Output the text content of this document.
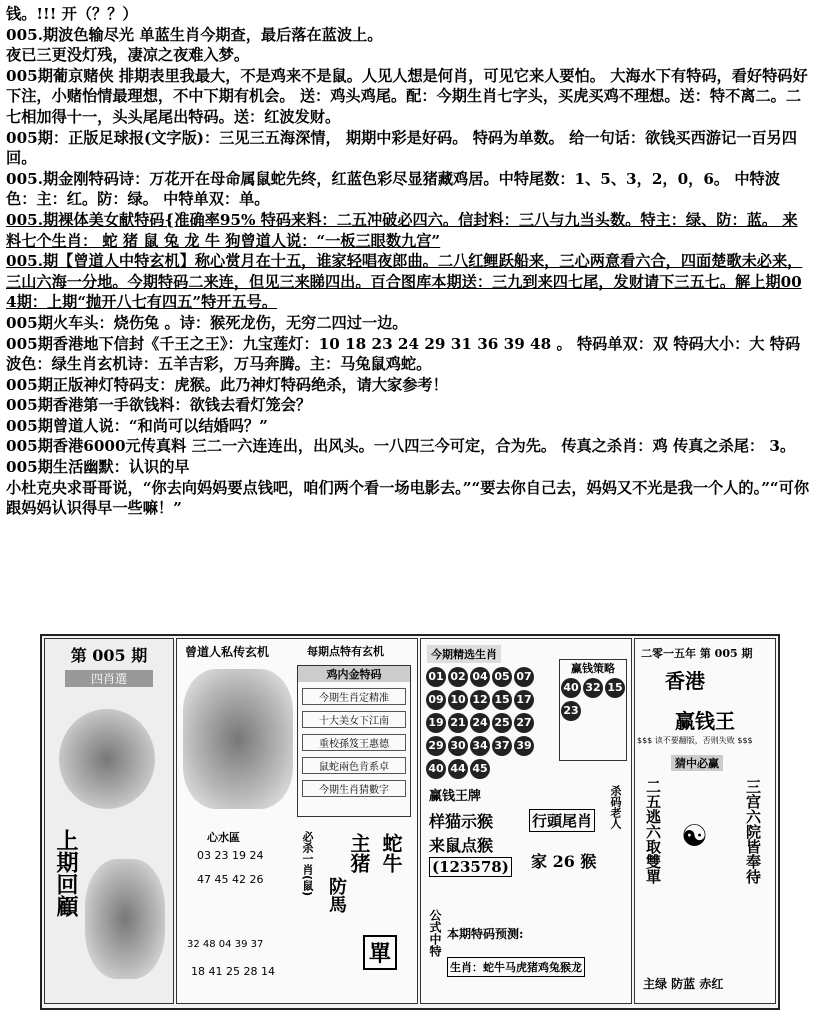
钱。!!! 开（？？）

005.期波色输尽光 单蓝生肖今期查，最后落在蓝波上。

夜已三更没灯残，凄凉之夜难入梦。

005期葡京赌侠 排期表里我最大，不是鸡来不是鼠。人见人想是何肖，可见它来人要怕。 大海水下有特码，看好特码好下注，小赌怡情最理想，不中下期有机会。 送：鸡头鸡尾。配：今期生肖七字头，买虎买鸡不理想。送：特不离二。二七相加得十一，头头尾尾出特码。送：红波发财。

005期：正版足球报(文字版)：三见三五海深情， 期期中彩是好码。 特码为单数。 给一句话：欲钱买西游记一百另四回。

005.期金刚特码诗：万花开在母命属鼠蛇先终，红蓝色彩尽显猪藏鸡居。中特尾数：1、5、3，2，0，6。 中特波色：主：红。防：绿。 中特单双：单。

005.期裸体美女献特码{准确率95% 特码来料：二五冲破必四六。信封料：三八与九当头数。特主：绿、防：蓝。 来料七个生肖： 蛇 猪 鼠 兔 龙 牛 狗曾道人说：“一板三眼数九宫”

005.期【曾道人中特玄机】称心赏月在十五，谁家轻唱夜郎曲。二八红鲤跃船来，三心两意看六合，四面楚歌未必来，三山六海一分地。今期特码二来连，但见三来睇四出。百合图库本期送：三九到来四七尾，发财请下三五七。解上期004期：上期“抛开八七有四五”特开五号。

005期火车头：烧伤兔 。诗：猴死龙伤，无穷二四过一边。

005期香港地下信封《千王之王》：九宝莲灯：10 18 23 24 29 31 36 39 48 。 特码单双：双 特码大小：大 特码波色：绿生肖玄机诗：五羊吉彩，万马奔腾。主：马兔鼠鸡蛇。

005期正版神灯特码支：虎猴。此乃神灯特码绝杀，请大家参考！

005期香港第一手欲钱料：欲钱去看灯笼会？

005期曾道人说：“和尚可以结婚吗？”

005期香港6000元传真料 三二一六连连出，出风头。一八四三今可定，合为先。 传真之杀肖：鸡 传真之杀尾： 3。

005期生活幽默：认识的早

小杜克央求哥哥说，“你去向妈妈要点钱吧，咱们两个看一场电影去。”“要去你自己去，妈妈又不光是我一个人的。”“可你跟妈妈认识得早一些嘛！”

第 005 期
四肖選
上期回顧
曾道人私传玄机	每期点特有玄机
鸡内金特码
今期生肖定精准
十大美女下江南
重校孫笈王惠德
鼠蛇兩色肯系卓
今期生肖猜數字
心水區
03 23 19 24
47 45 42 26
32 48 04 39 37
18 41 25 28 14
必杀一肖(鼠) 主猪
防馬
蛇牛
單
今期精选生肖
01 02 04 05 0709 10 12 15 1719 21 24 25 2729 30 34 37 3940 44 45
赢钱策略
40 32 1523
赢钱王牌
样猫示猴
来鼠点猴
(123578)
行頭尾肖
家 26 猴
杀码老人
公式中特 本期特码预测:
生肖：蛇牛马虎猪鸡兔猴龙
二零一五年 第 005 期
香港
赢钱王
$$$ 读不要翻版，否则失败 $$$
猜中必赢
二五逃六取雙單 ☯ 三宫六院皆奉待
主绿 防蓝 赤红
